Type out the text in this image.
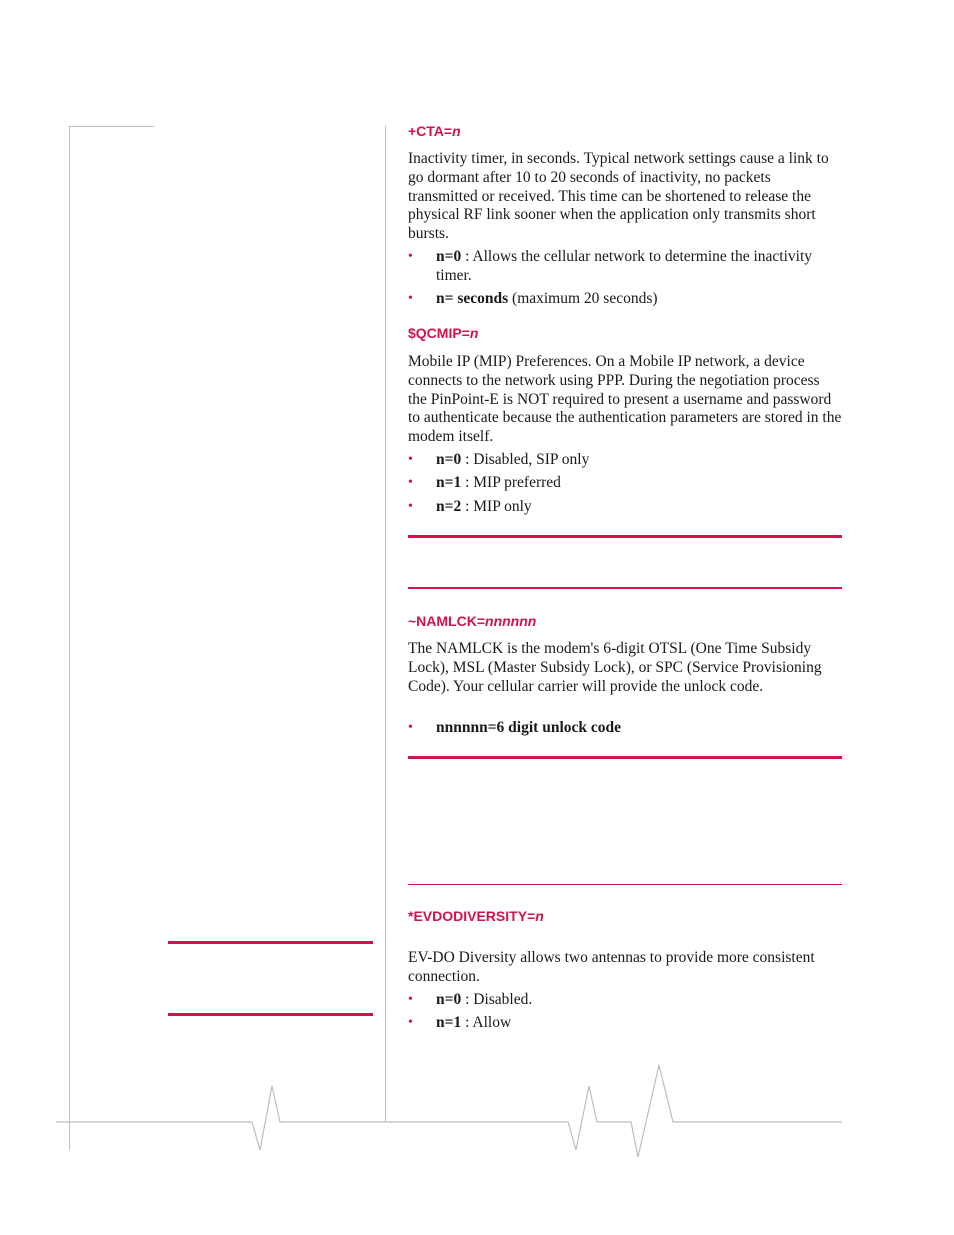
+CTA=n

Inactivity timer, in seconds. Typical network settings cause a link to go dormant after 10 to 20 seconds of inactivity, no packets transmitted or received. This time can be shortened to release the physical RF link sooner when the application only transmits short bursts.

• n=0 : Allows the cellular network to determine the inactivity timer.
• n= seconds (maximum 20 seconds)
$QCMIP=n

Mobile IP (MIP) Preferences. On a Mobile IP network, a device connects to the network using PPP. During the negotiation process the PinPoint-E is NOT required to present a username and password to authenticate because the authentication parameters are stored in the modem itself.

• n=0 : Disabled, SIP only
• n=1 : MIP preferred
• n=2 : MIP only
~NAMLCK=nnnnnn

The NAMLCK is the modem's 6-digit OTSL (One Time Subsidy Lock), MSL (Master Subsidy Lock), or SPC (Service Provisioning Code). Your cellular carrier will provide the unlock code.

• nnnnnn=6 digit unlock code
*EVDODIVERSITY=n

EV-DO Diversity allows two antennas to provide more consistent connection.

• n=0 : Disabled.
• n=1 : Allow
